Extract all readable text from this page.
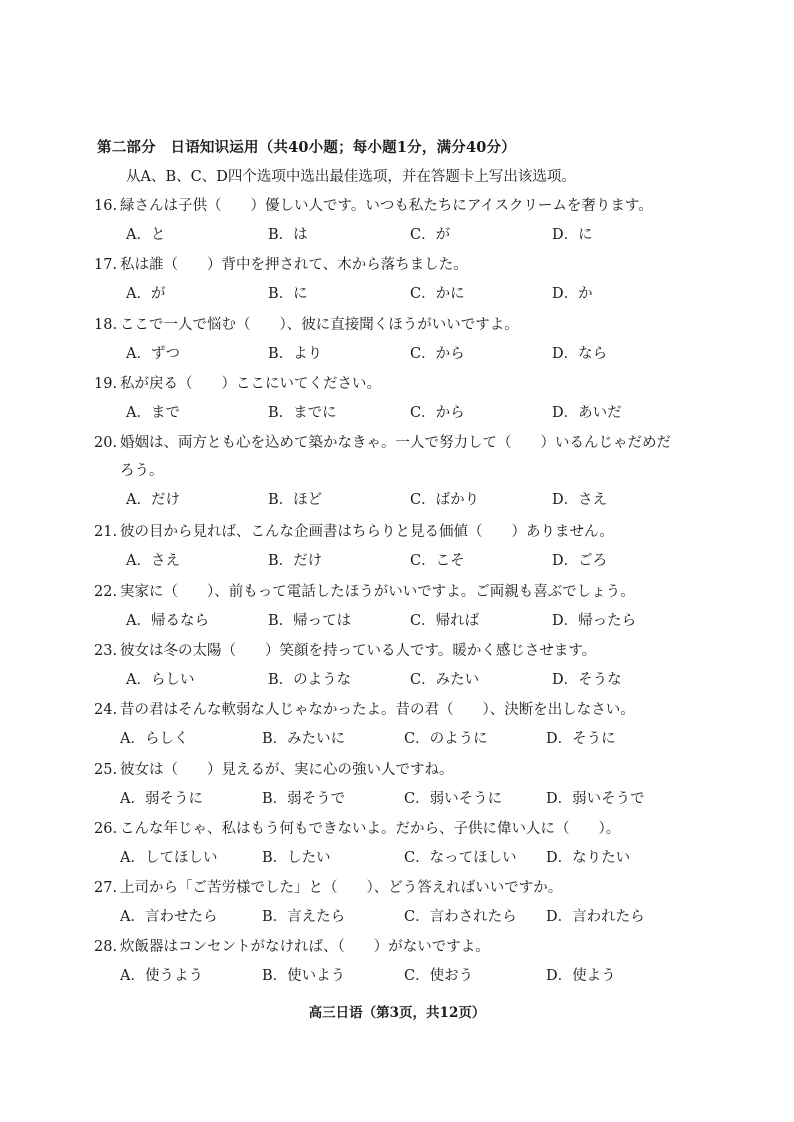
第二部分　日语知识运用（共40小题；每小题1分，满分40分）
从A、B、C、D四个选项中选出最佳选项，并在答题卡上写出该选项。
16. 緑さんは子供（　　）優しい人です。いつも私たちにアイスクリームを奢ります。
A．と	B．は	C．が	D．に
17. 私は誰（　　）背中を押されて、木から落ちました。
A．が	B．に	C．かに	D．か
18. ここで一人で悩む（　　）、彼に直接聞くほうがいいですよ。
A．ずつ	B．より	C．から	D．なら
19. 私が戻る（　　）ここにいてください。
A．まで	B．までに	C．から	D．あいだ
20. 婚姻は、両方とも心を込めて築かなきゃ。一人で努力して（　　）いるんじゃだめだ
ろう。
A．だけ	B．ほど	C．ばかり	D．さえ
21. 彼の目から見れば、こんな企画書はちらりと見る価値（　　）ありません。
A．さえ	B．だけ	C．こそ	D．ごろ
22. 実家に（　　）、前もって電話したほうがいいですよ。ご両親も喜ぶでしょう。
A．帰るなら	B．帰っては	C．帰れば	D．帰ったら
23. 彼女は冬の太陽（　　）笑顔を持っている人です。暖かく感じさせます。
A．らしい	B．のような	C．みたい	D．そうな
24. 昔の君はそんな軟弱な人じゃなかったよ。昔の君（　　）、決断を出しなさい。
A．らしく	B．みたいに	C．のように	D．そうに
25. 彼女は（　　）見えるが、実に心の強い人ですね。
A．弱そうに	B．弱そうで	C．弱いそうに	D．弱いそうで
26. こんな年じゃ、私はもう何もできないよ。だから、子供に偉い人に（　　）。
A．してほしい	B．したい	C．なってほしい D．なりたい
27. 上司から「ご苦労様でした」と（　　）、どう答えればいいですか。
A．言わせたら	B．言えたら	C．言わされたら D．言われたら
28. 炊飯器はコンセントがなければ、（　　）がないですよ。
A．使うよう	B．使いよう	C．使おう	D．使よう
高三日语（第3页，共12页）
